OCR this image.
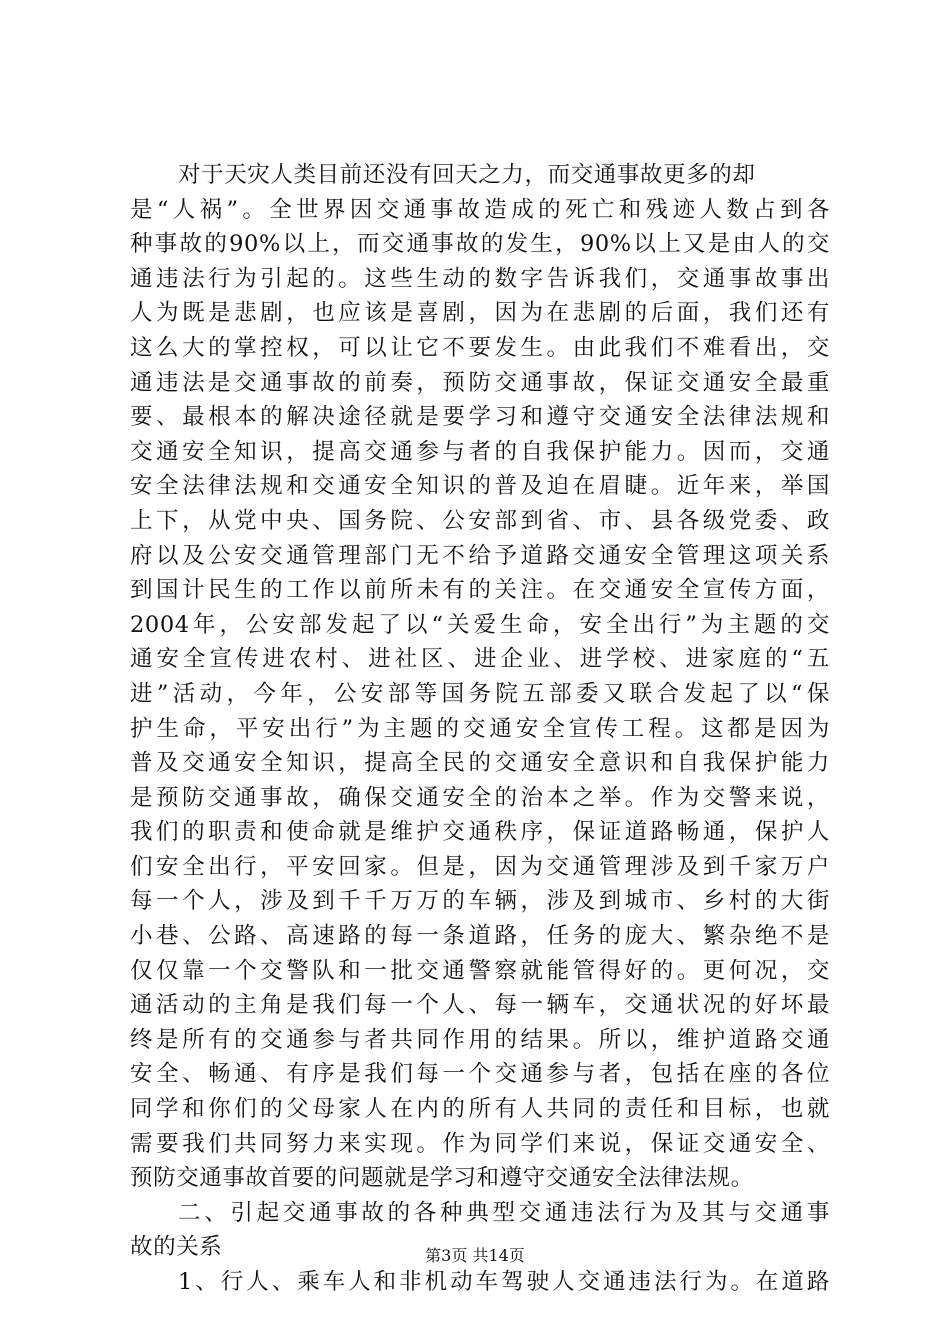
对于天灾人类目前还没有回天之力，而交通事故更多的却
是“人祸”。全世界因交通事故造成的死亡和残迹人数占到各
种事故的90%以上，而交通事故的发生，90%以上又是由人的交
通违法行为引起的。这些生动的数字告诉我们，交通事故事出
人为既是悲剧，也应该是喜剧，因为在悲剧的后面，我们还有
这么大的掌控权，可以让它不要发生。由此我们不难看出，交
通违法是交通事故的前奏，预防交通事故，保证交通安全最重
要、最根本的解决途径就是要学习和遵守交通安全法律法规和
交通安全知识，提高交通参与者的自我保护能力。因而，交通
安全法律法规和交通安全知识的普及迫在眉睫。近年来，举国
上下，从党中央、国务院、公安部到省、市、县各级党委、政
府以及公安交通管理部门无不给予道路交通安全管理这项关系
到国计民生的工作以前所未有的关注。在交通安全宣传方面，
2004年，公安部发起了以“关爱生命，安全出行”为主题的交
通安全宣传进农村、进社区、进企业、进学校、进家庭的“五
进”活动，今年，公安部等国务院五部委又联合发起了以“保
护生命，平安出行”为主题的交通安全宣传工程。这都是因为
普及交通安全知识，提高全民的交通安全意识和自我保护能力
是预防交通事故，确保交通安全的治本之举。作为交警来说，
我们的职责和使命就是维护交通秩序，保证道路畅通，保护人
们安全出行，平安回家。但是，因为交通管理涉及到千家万户
每一个人，涉及到千千万万的车辆，涉及到城市、乡村的大街
小巷、公路、高速路的每一条道路，任务的庞大、繁杂绝不是
仅仅靠一个交警队和一批交通警察就能管得好的。更何况，交
通活动的主角是我们每一个人、每一辆车，交通状况的好坏最
终是所有的交通参与者共同作用的结果。所以，维护道路交通
安全、畅通、有序是我们每一个交通参与者，包括在座的各位
同学和你们的父母家人在内的所有人共同的责任和目标，也就
需要我们共同努力来实现。作为同学们来说，保证交通安全、
预防交通事故首要的问题就是学习和遵守交通安全法律法规。
二、引起交通事故的各种典型交通违法行为及其与交通事
故的关系
1、行人、乘车人和非机动车驾驶人交通违法行为。在道路
第3页 共14页
